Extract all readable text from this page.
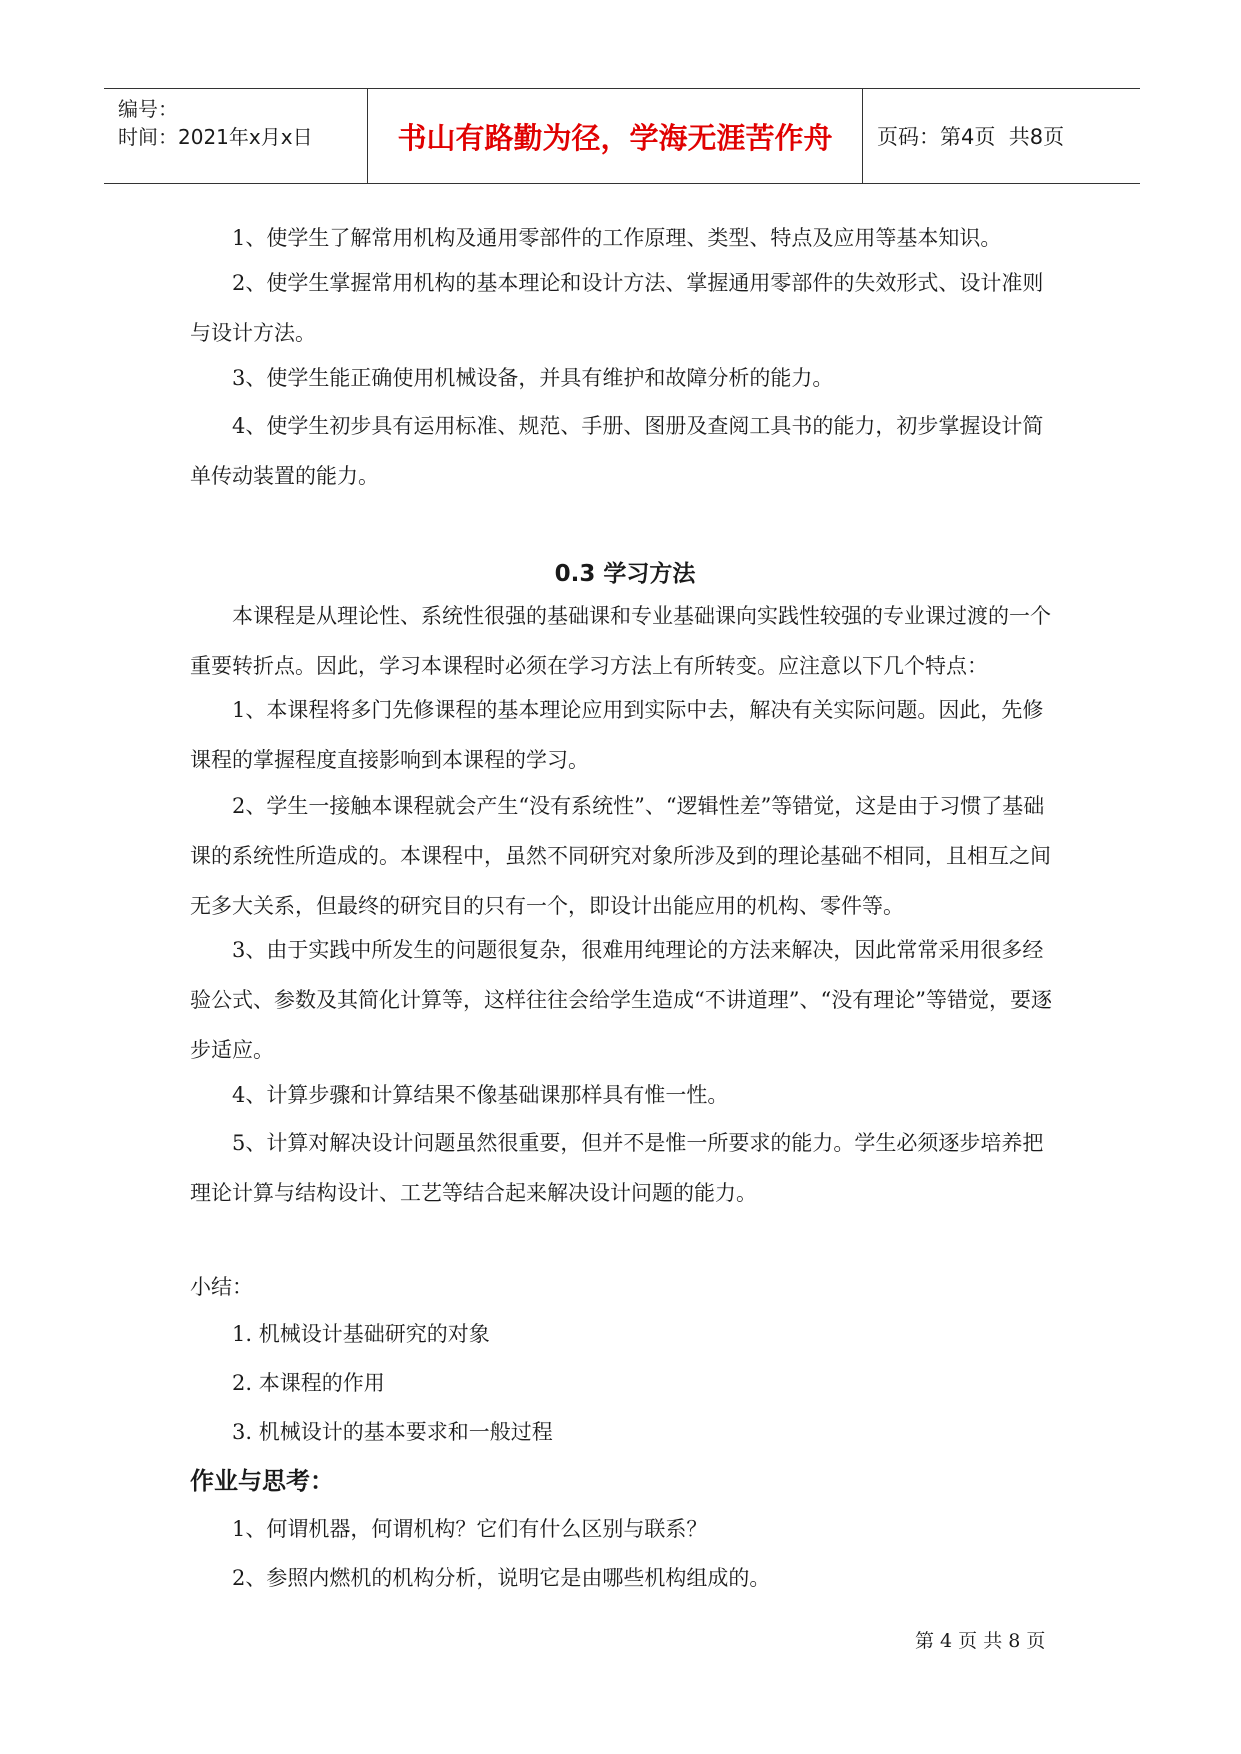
编号：
时间：2021年x月x日	书山有路勤为径，学海无涯苦作舟	页码：第4页  共8页

1、使学生了解常用机构及通用零部件的工作原理、类型、特点及应用等基本知识。

2、使学生掌握常用机构的基本理论和设计方法、掌握通用零部件的失效形式、设计准则与设计方法。

3、使学生能正确使用机械设备，并具有维护和故障分析的能力。

4、使学生初步具有运用标准、规范、手册、图册及查阅工具书的能力，初步掌握设计简单传动装置的能力。

0.3 学习方法

本课程是从理论性、系统性很强的基础课和专业基础课向实践性较强的专业课过渡的一个重要转折点。因此，学习本课程时必须在学习方法上有所转变。应注意以下几个特点：

1、本课程将多门先修课程的基本理论应用到实际中去，解决有关实际问题。因此，先修课程的掌握程度直接影响到本课程的学习。

2、学生一接触本课程就会产生“没有系统性”、“逻辑性差”等错觉，这是由于习惯了基础课的系统性所造成的。本课程中，虽然不同研究对象所涉及到的理论基础不相同，且相互之间无多大关系，但最终的研究目的只有一个，即设计出能应用的机构、零件等。

3、由于实践中所发生的问题很复杂，很难用纯理论的方法来解决，因此常常采用很多经验公式、参数及其简化计算等，这样往往会给学生造成“不讲道理”、“没有理论”等错觉，要逐步适应。

4、计算步骤和计算结果不像基础课那样具有惟一性。

5、计算对解决设计问题虽然很重要，但并不是惟一所要求的能力。学生必须逐步培养把理论计算与结构设计、工艺等结合起来解决设计问题的能力。

小结：
1. 机械设计基础研究的对象
2. 本课程的作用
3. 机械设计的基本要求和一般过程
作业与思考：
1、何谓机器，何谓机构？它们有什么区别与联系？
2、参照内燃机的机构分析，说明它是由哪些机构组成的。

第 4 页 共 8 页
